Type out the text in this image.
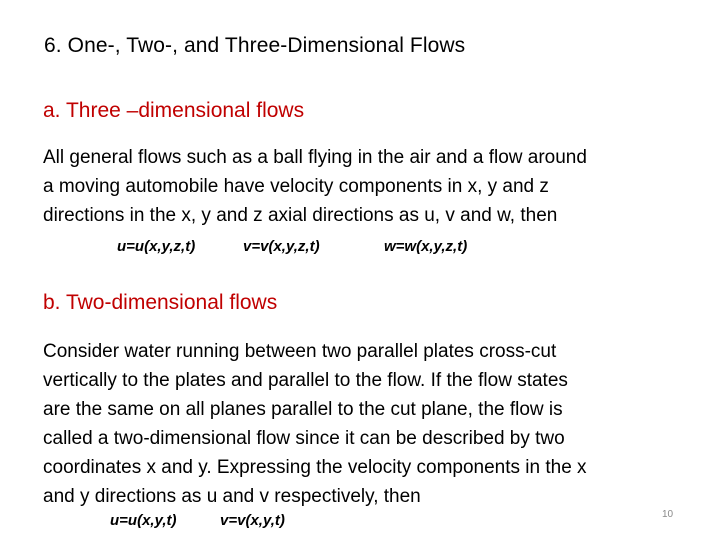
6. One-, Two-, and Three-Dimensional Flows
a. Three –dimensional flows
All general flows such as a ball flying in the air and a flow around
a moving automobile have velocity components in x, y and z
directions in the x, y and z axial directions as u, v and w, then
u=u(x,y,z,t)	v=v(x,y,z,t)	w=w(x,y,z,t)
b. Two-dimensional flows
Consider water running between two parallel plates cross-cut
vertically to the plates and parallel to the flow. If the flow states
are the same on all planes parallel to the cut plane, the flow is
called a two-dimensional flow since it can be described by two
coordinates x and y. Expressing the velocity components in the x
and y directions as u and v respectively, then
u=u(x,y,t)	v=v(x,y,t)	10
